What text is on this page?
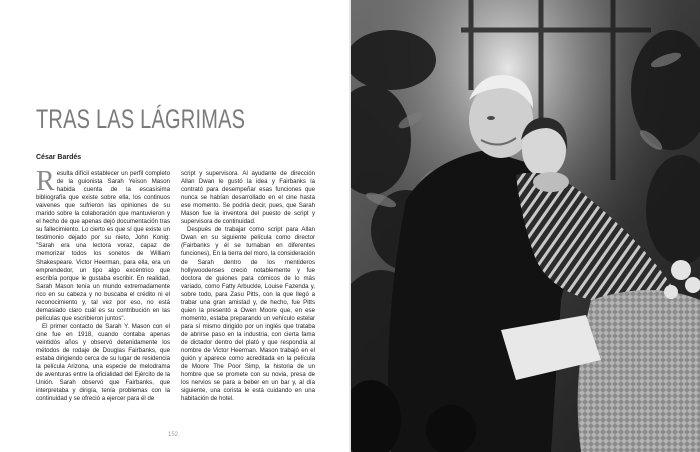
TRAS LAS LÁGRIMAS
César Bardés

Resulta difícil establecer un perfil completo de la guionista Sarah Yeison Mason habida cuenta de la escasísima bibliografía que existe sobre ella, los continuos vaivenes que sufrieron las opiniones de su marido sobre la colaboración que mantuvieron y el hecho de que apenas dejó documentación tras su fallecimiento. Lo cierto es que sí que existe un testimonio dejado por su nieto, John Konig: "Sarah era una lectora voraz, capaz de memorizar todos los sonetos de William Shakespeare. Victor Heerman, para ella, era un emprendedor, un tipo algo excéntrico que escribía porque le gustaba escribir. En realidad, Sarah Mason tenía un mundo extremadamente rico en su cabeza y no buscaba el crédito ni el reconocimiento y, tal vez por eso, no está demasiado claro cuál es su contribución en las películas que escribieron juntos".

El primer contacto de Sarah Y. Mason con el cine fue en 1918, cuando contaba apenas veintidós años y observó detenidamente los métodos de rodaje de Douglas Fairbanks, que estaba dirigiendo cerca de su lugar de residencia la película Arizona, una especie de melodrama de aventuras entre la oficialidad del Ejército de la Unión. Sarah observó que Fairbanks, que interpretaba y dirigía, tenía problemas con la continuidad y se ofreció a ejercer para él de

script y supervisora. Al ayudante de dirección Allan Dwan le gustó la idea y Fairbanks la contrató para desempeñar esas funciones que nunca se habían desarrollado en el cine hasta ese momento. Se podría decir, pues, que Sarah Mason fue la inventora del puesto de script y supervisora de continuidad.

Después de trabajar como script para Allan Dwan en su siguiente película como director (Fairbanks y él se turnaban en diferentes funciones), En la tierra del moro, la consideración de Sarah dentro de los mentideros hollywoodenses creció notablemente y fue doctora de guiones para cómicos de lo más variado, como Fatty Arbuckle, Louise Fazenda y, sobre todo, para Zasu Pitts, con la que llegó a trabar una gran amistad y, de hecho, fue Pitts quien la presentó a Owen Moore que, en ese momento, estaba preparando un vehículo estelar para sí mismo dirigido por un inglés que trataba de abrirse paso en la industria, con cierta fama de dictador dentro del plató y que respondía al nombre de Victor Heerman. Mason trabajó en el guión y aparece como acreditada en la película de Moore The Poor Simp, la historia de un hombre que se promete con su novia, presa de los nervios se para a beber en un bar y, al día siguiente, una corista le está cuidando en una habitación de hotel.

152
